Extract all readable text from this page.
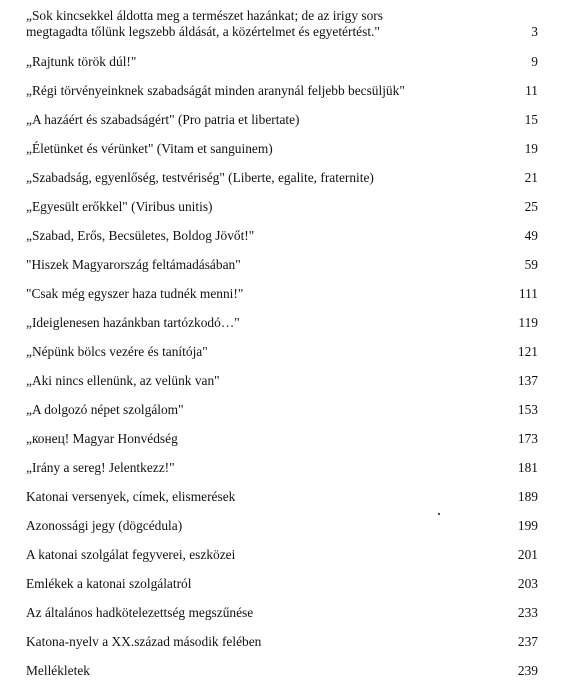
„Sok kincsekkel áldotta meg a természet hazánkat; de az irigy sors
megtagadta tőlünk legszebb áldását, a közértelmet és egyetértést."	3
„Rajtunk török dúl!"	9
„Régi törvényeinknek szabadságát minden aranynál feljebb becsüljük"	11
„A hazáért és szabadságért" (Pro patria et libertate)	15
„Életünket és vérünket" (Vitam et sanguinem)	19
„Szabadság, egyenlőség, testvériség" (Liberte, egalite, fraternite)	21
„Egyesült erőkkel" (Viribus unitis)	25
„Szabad, Erős, Becsületes, Boldog Jövőt!"	49
"Hiszek Magyarország feltámadásában"	59
"Csak még egyszer haza tudnék menni!"	111
„Ideiglenesen hazánkban tartózkodó…"	119
„Népünk bölcs vezére és tanítója"	121
„Aki nincs ellenünk, az velünk van"	137
„A dolgozó népet szolgálom"	153
„конец! Magyar Honvédség	173
„Irány a sereg! Jelentkezz!"	181
Katonai versenyek, címek, elismerések	189
Azonossági jegy (dögcédula)	199
A katonai szolgálat fegyverei, eszközei	201
Emlékek a katonai szolgálatról	203
Az általános hadkötelezettség megszűnése	233
Katona-nyelv a XX.század második felében	237
Mellékletek	239
